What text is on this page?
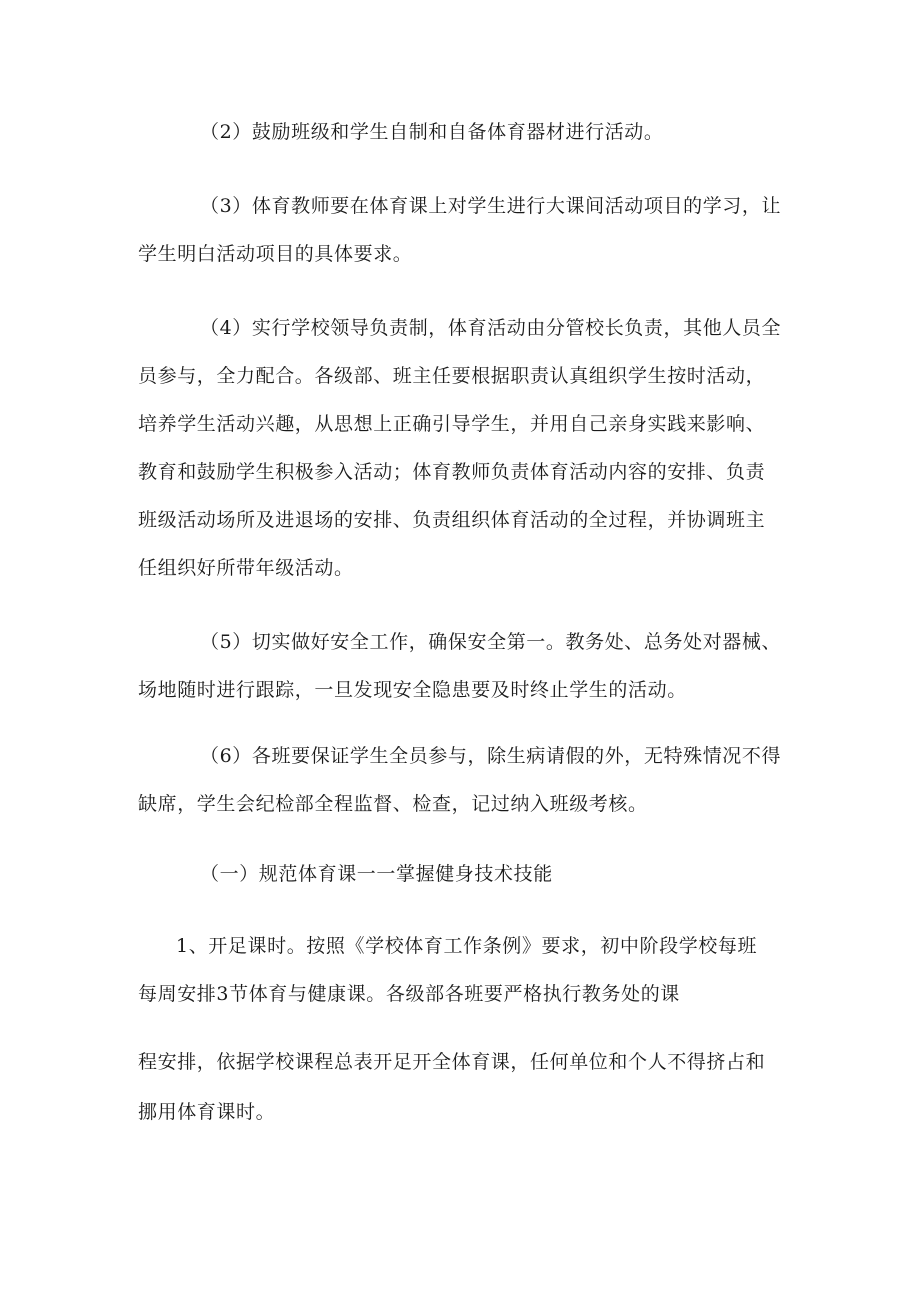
（2）鼓励班级和学生自制和自备体育器材进行活动。
（3）体育教师要在体育课上对学生进行大课间活动项目的学习，让
学生明白活动项目的具体要求。
（4）实行学校领导负责制，体育活动由分管校长负责，其他人员全
员参与，全力配合。各级部、班主任要根据职责认真组织学生按时活动，
培养学生活动兴趣，从思想上正确引导学生，并用自己亲身实践来影响、
教育和鼓励学生积极参入活动；体育教师负责体育活动内容的安排、负责
班级活动场所及进退场的安排、负责组织体育活动的全过程，并协调班主
任组织好所带年级活动。
（5）切实做好安全工作，确保安全第一。教务处、总务处对器械、
场地随时进行跟踪，一旦发现安全隐患要及时终止学生的活动。
（6）各班要保证学生全员参与，除生病请假的外，无特殊情况不得
缺席，学生会纪检部全程监督、检查，记过纳入班级考核。
（一）规范体育课一一掌握健身技术技能
1、开足课时。按照《学校体育工作条例》要求，初中阶段学校每班
每周安排3节体育与健康课。各级部各班要严格执行教务处的课
程安排，依据学校课程总表开足开全体育课，任何单位和个人不得挤占和
挪用体育课时。
